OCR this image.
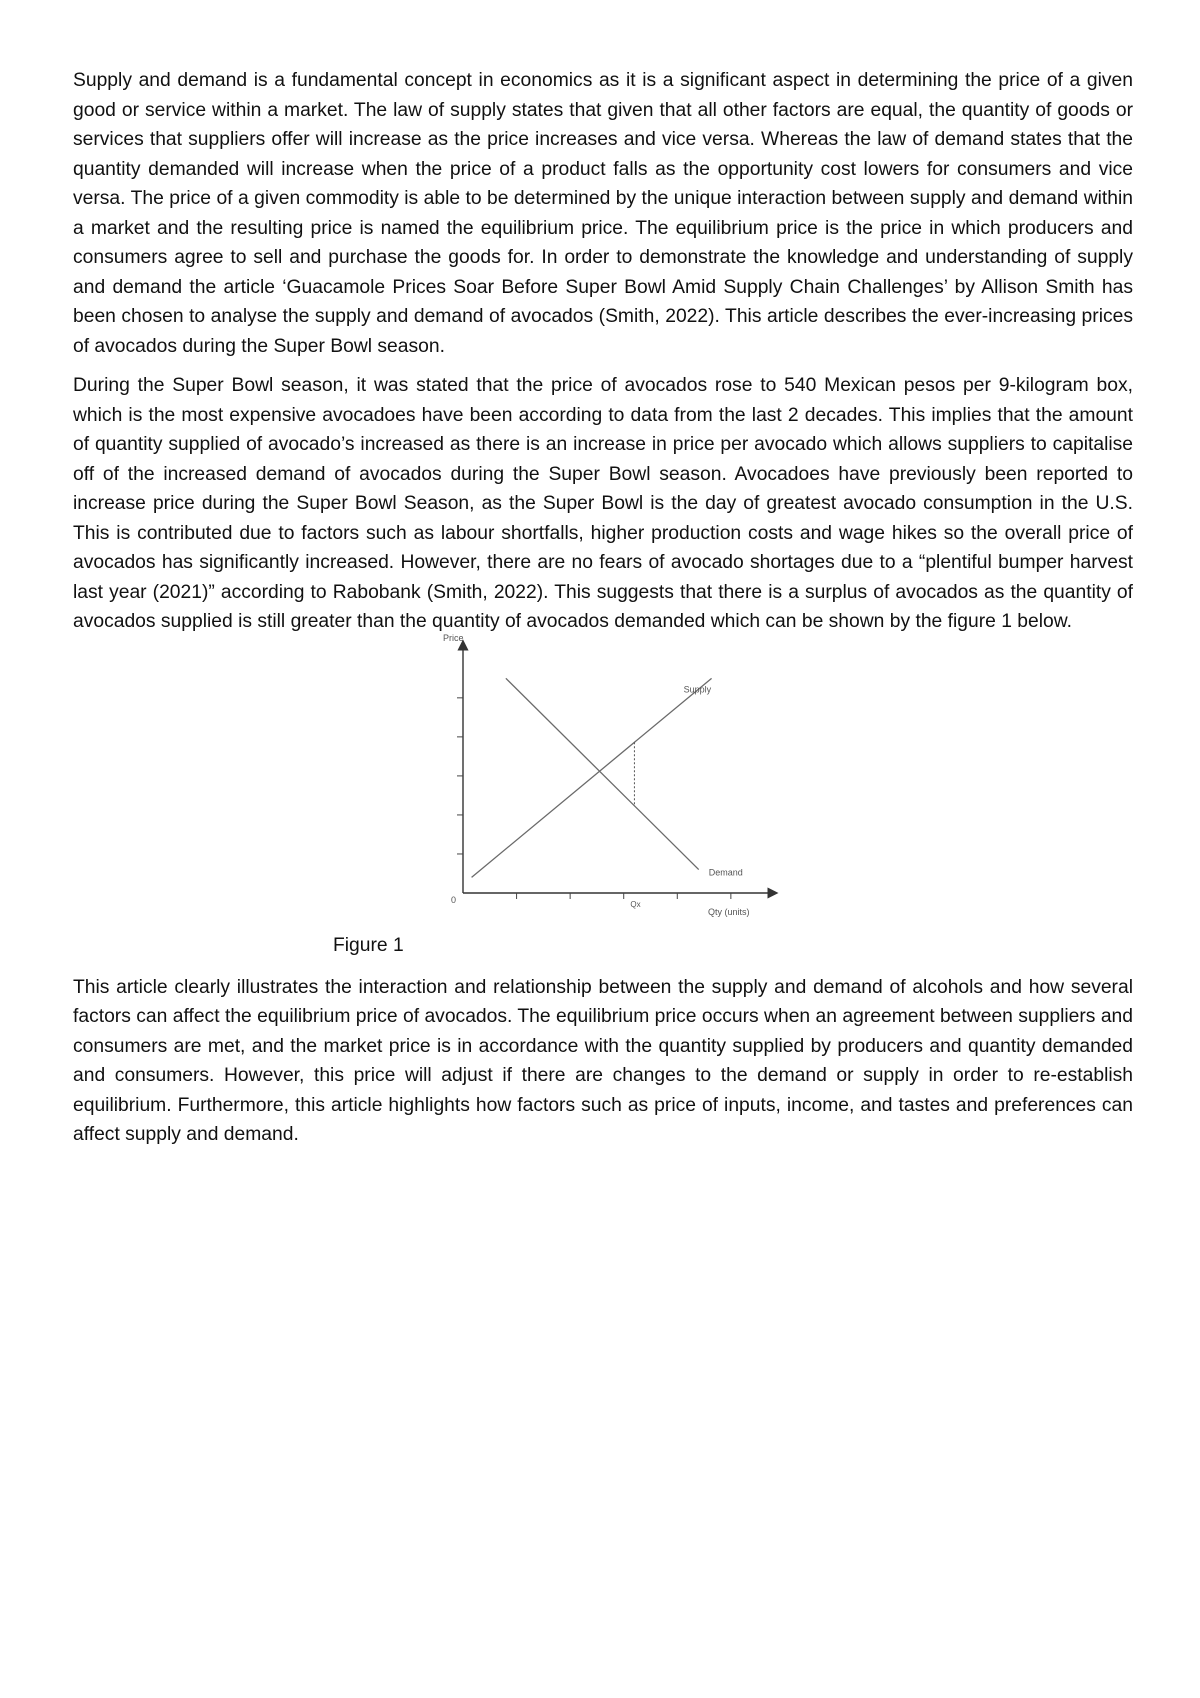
Supply and demand is a fundamental concept in economics as it is a significant aspect in determining the price of a given good or service within a market. The law of supply states that given that all other factors are equal, the quantity of goods or services that suppliers offer will increase as the price increases and vice versa. Whereas the law of demand states that the quantity demanded will increase when the price of a product falls as the opportunity cost lowers for consumers and vice versa. The price of a given commodity is able to be determined by the unique interaction between supply and demand within a market and the resulting price is named the equilibrium price. The equilibrium price is the price in which producers and consumers agree to sell and purchase the goods for. In order to demonstrate the knowledge and understanding of supply and demand the article ‘Guacamole Prices Soar Before Super Bowl Amid Supply Chain Challenges’ by Allison Smith has been chosen to analyse the supply and demand of avocados (Smith, 2022). This article describes the ever-increasing prices of avocados during the Super Bowl season.

During the Super Bowl season, it was stated that the price of avocados rose to 540 Mexican pesos per 9-kilogram box, which is the most expensive avocadoes have been according to data from the last 2 decades. This implies that the amount of quantity supplied of avocado’s increased as there is an increase in price per avocado which allows suppliers to capitalise off of the increased demand of avocados during the Super Bowl season. Avocadoes have previously been reported to increase price during the Super Bowl Season, as the Super Bowl is the day of greatest avocado consumption in the U.S. This is contributed due to factors such as labour shortfalls, higher production costs and wage hikes so the overall price of avocados has significantly increased. However, there are no fears of avocado shortages due to a “plentiful bumper harvest last year (2021)” according to Rabobank (Smith, 2022). This suggests that there is a surplus of avocados as the quantity of avocados supplied is still greater than the quantity of avocados demanded which can be shown by the figure 1 below.

Price
Qty (units)
0	Qx
Supply
Demand
Figure 1

This article clearly illustrates the interaction and relationship between the supply and demand of alcohols and how several factors can affect the equilibrium price of avocados. The equilibrium price occurs when an agreement between suppliers and consumers are met, and the market price is in accordance with the quantity supplied by producers and quantity demanded and consumers. However, this price will adjust if there are changes to the demand or supply in order to re-establish equilibrium. Furthermore, this article highlights how factors such as price of inputs, income, and tastes and preferences can affect supply and demand.
